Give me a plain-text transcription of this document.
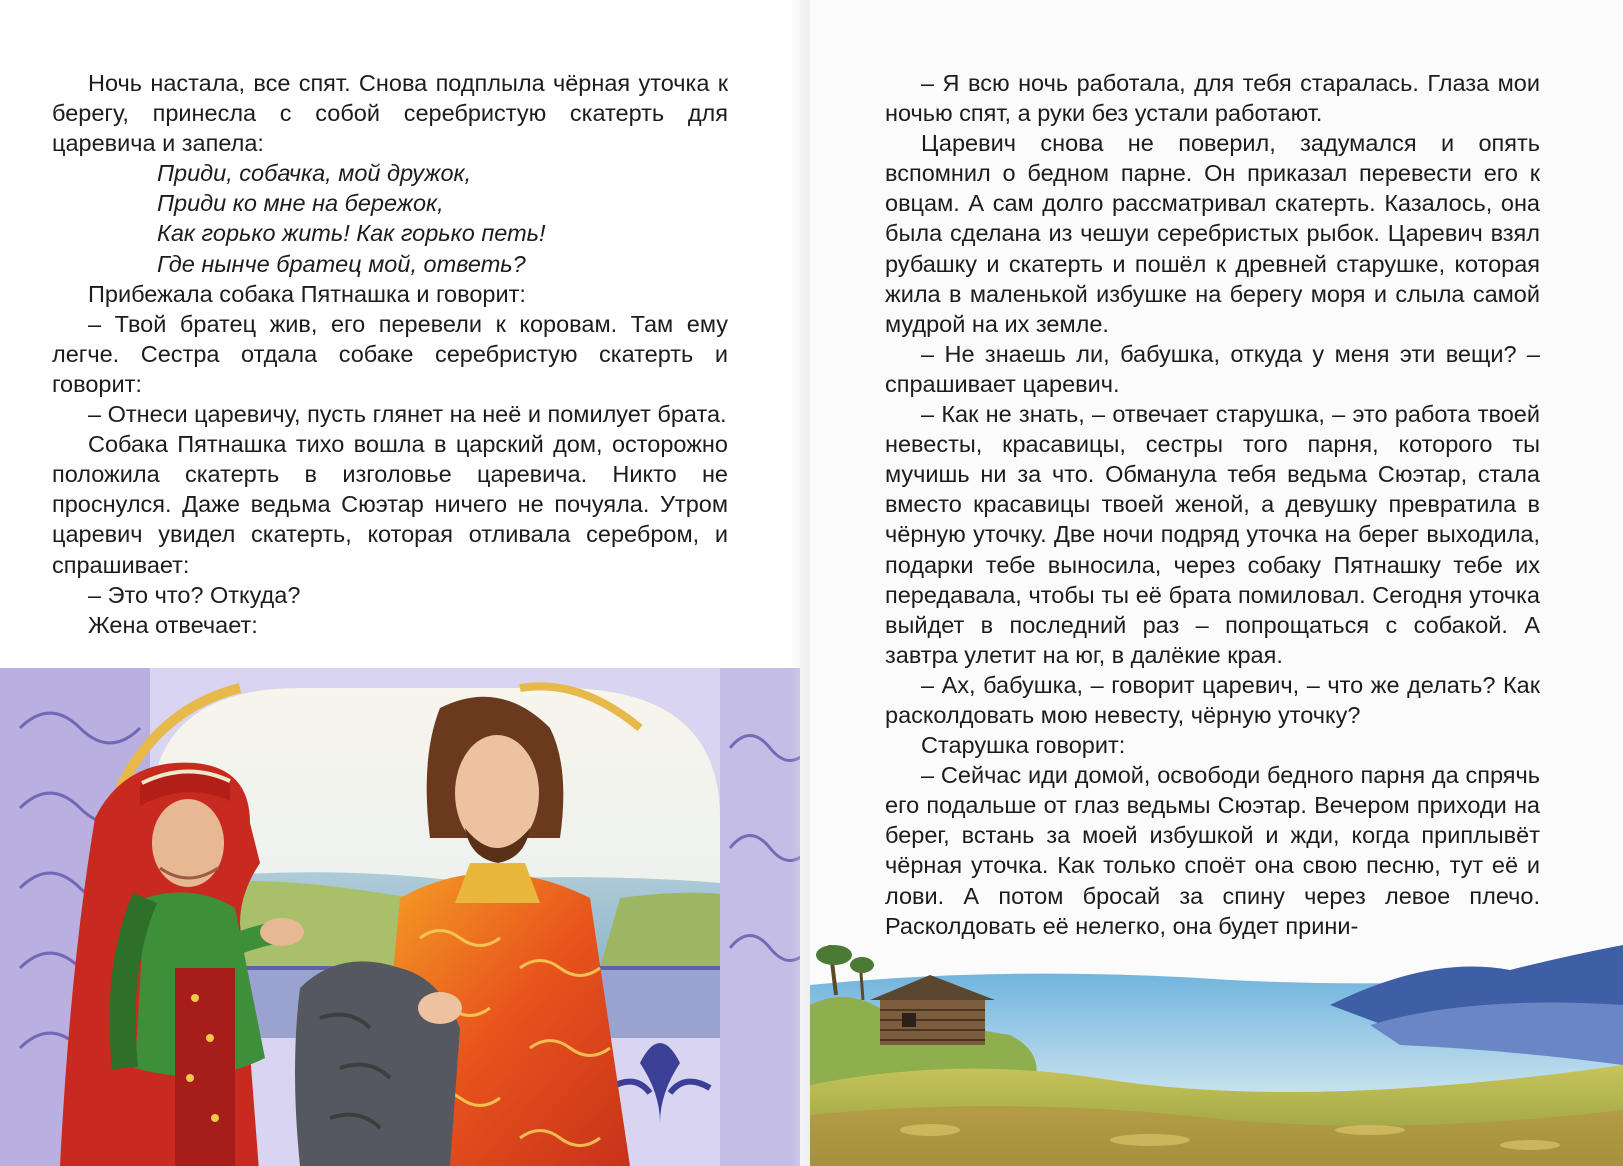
Ночь настала, все спят. Снова подплыла чёрная уточка к берегу, принесла с собой серебристую скатерть для царевича и запела:

Приди, собачка, мой дружок,
Приди ко мне на бережок,
Как горько жить! Как горько петь!
Где нынче братец мой, ответь?

Прибежала собака Пятнашка и говорит:

– Твой братец жив, его перевели к коровам. Там ему легче. Сестра отдала собаке серебристую скатерть и говорит:

– Отнеси царевичу, пусть глянет на неё и помилует брата.

Собака Пятнашка тихо вошла в царский дом, осторожно положила скатерть в изголовье царевича. Никто не проснулся. Даже ведьма Сюэтар ничего не почуяла. Утром царевич увидел скатерть, которая отливала серебром, и спрашивает:

– Это что? Откуда?

Жена отвечает:

– Я всю ночь работала, для тебя старалась. Глаза мои ночью спят, а руки без устали работают.

Царевич снова не поверил, задумался и опять вспомнил о бедном парне. Он приказал перевести его к овцам. А сам долго рассматривал скатерть. Казалось, она была сделана из чешуи серебристых рыбок. Царевич взял рубашку и скатерть и пошёл к древней старушке, которая жила в маленькой избушке на берегу моря и слыла самой мудрой на их земле.

– Не знаешь ли, бабушка, откуда у меня эти вещи? – спрашивает царевич.

– Как не знать, – отвечает старушка, – это работа твоей невесты, красавицы, сестры того парня, которого ты мучишь ни за что. Обманула тебя ведьма Сюэтар, стала вместо красавицы твоей женой, а девушку превратила в чёрную уточку. Две ночи подряд уточка на берег выходила, подарки тебе выносила, через собаку Пятнашку тебе их передавала, чтобы ты её брата помиловал. Сегодня уточка выйдет в последний раз – попрощаться с собакой. А завтра улетит на юг, в далёкие края.

– Ах, бабушка, – говорит царевич, – что же делать? Как расколдовать мою невесту, чёрную уточку?

Старушка говорит:

– Сейчас иди домой, освободи бедного парня да спрячь его подальше от глаз ведьмы Сюэтар. Вечером приходи на берег, встань за моей избушкой и жди, когда приплывёт чёрная уточка. Как только споёт она свою песню, тут её и лови. А потом бросай за спину через левое плечо. Расколдовать её нелегко, она будет прини-
